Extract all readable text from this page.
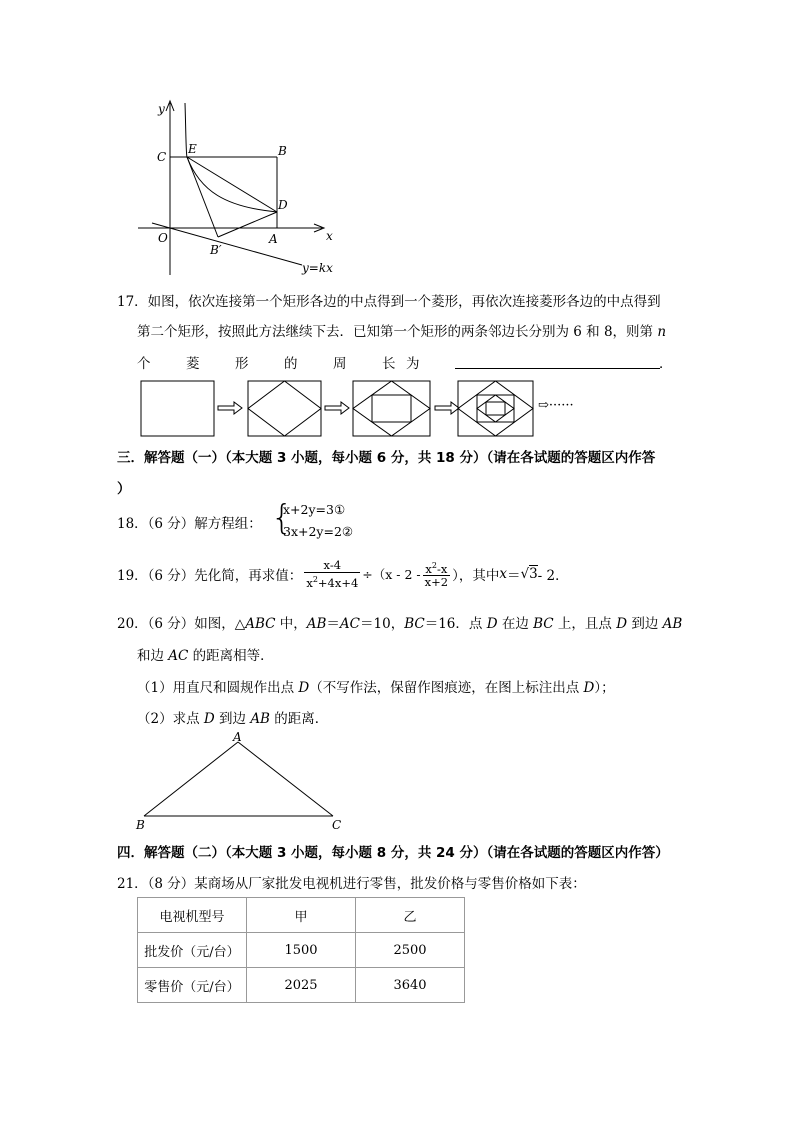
y
x
O
C
E	B
D
A
B′
y=kx
17．如图，依次连接第一个矩形各边的中点得到一个菱形，再依次连接菱形各边的中点得到
第二个矩形，按照此方法继续下去．已知第一个矩形的两条邻边长分别为 6 和 8，则第 n
个	菱	形	的	周	长 为	．
⇨······
三．解答题（一）（本大题 3 小题，每小题 6 分，共 18 分）（请在各试题的答题区内作答
）
18．（6 分）解方程组： {
x+2y=3①
3x+2y=2②
19．（6 分）先化简，再求值： $\frac{x-4}{x^2+4x+4} \div(x - 2 - \frac{x^2-x}{x+2}$ ），其中 x ＝ √3 - 2．
20．（6 分）如图，△ABC 中，AB＝AC＝10，BC＝16．点 D 在边 BC 上，且点 D 到边 AB
和边 AC 的距离相等．
（1）用直尺和圆规作出点 D（不写作法，保留作图痕迹，在图上标注出点 D）；
（2）求点 D 到边 AB 的距离．
A
B	C
四．解答题（二）（本大题 3 小题，每小题 8 分，共 24 分）（请在各试题的答题区内作答）
21．（8 分）某商场从厂家批发电视机进行零售，批发价格与零售价格如下表：
电视机型号	甲	乙
批发价（元/台）	1500	2500
零售价（元/台）	2025	3640
